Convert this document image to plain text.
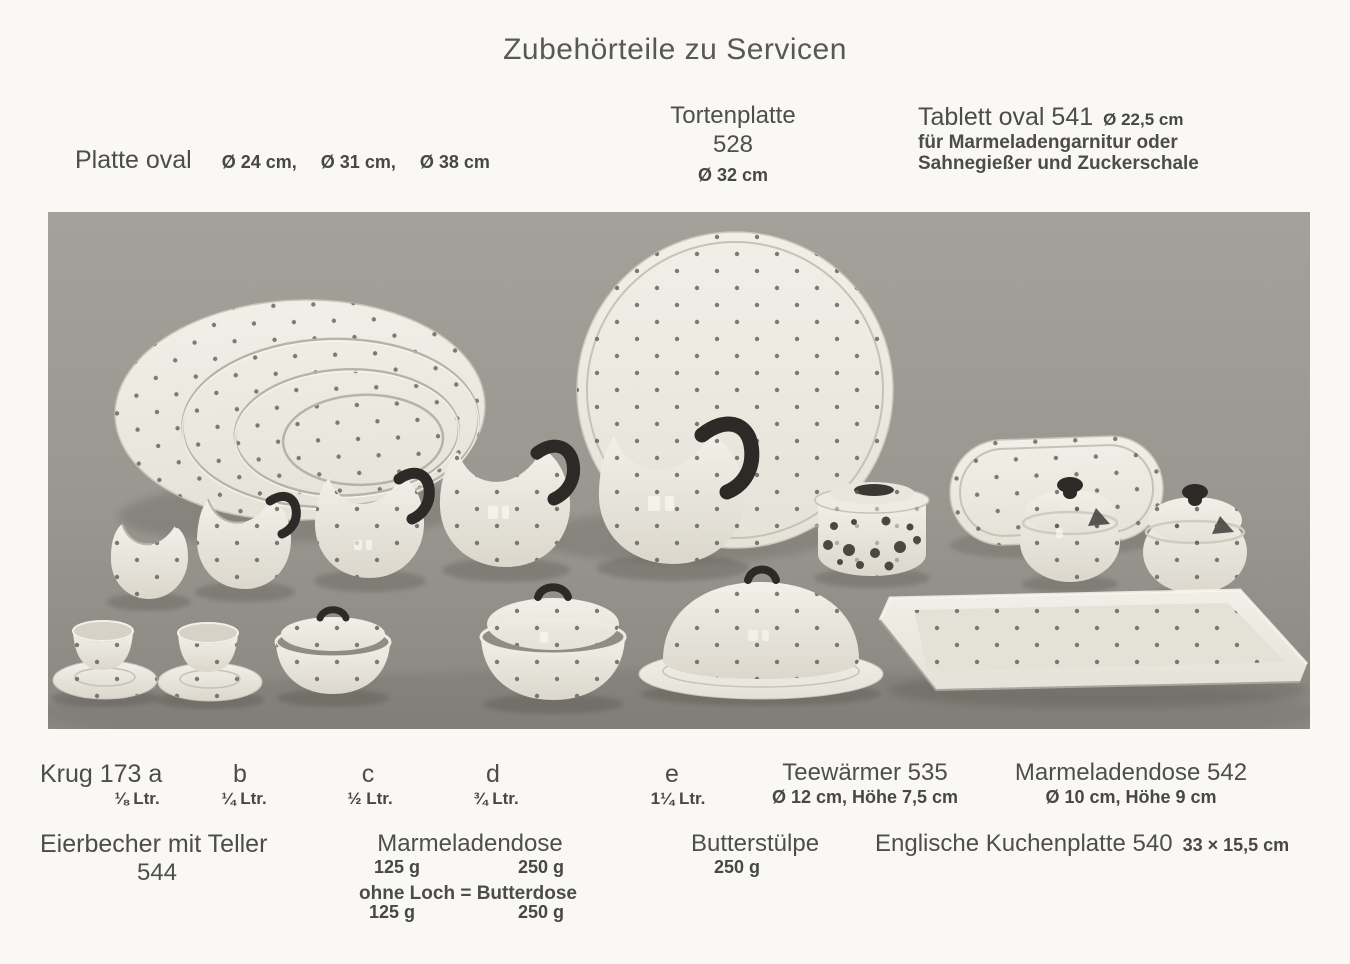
Zubehörteile zu Servicen
Platte oval Ø 24 cm, Ø 31 cm, Ø 38 cm
Tortenplatte
528
Ø 32 cm
Tablett oval 541 Ø 22,5 cm
für Marmeladengarnitur oder
Sahnegießer und Zuckerschale
Krug 173 a	b	c	d	e
⅛ Ltr.	¼ Ltr.	½ Ltr.	¾ Ltr.	1¼ Ltr.
Teewärmer 535
Ø 12 cm, Höhe 7,5 cm
Marmeladendose 542
Ø 10 cm, Höhe 9 cm
Eierbecher mit Teller
544
Marmeladendose
125 g	250 g
ohne Loch = Butterdose
125 g	250 g
Butterstülpe
250 g
Englische Kuchenplatte 540 33 × 15,5 cm
